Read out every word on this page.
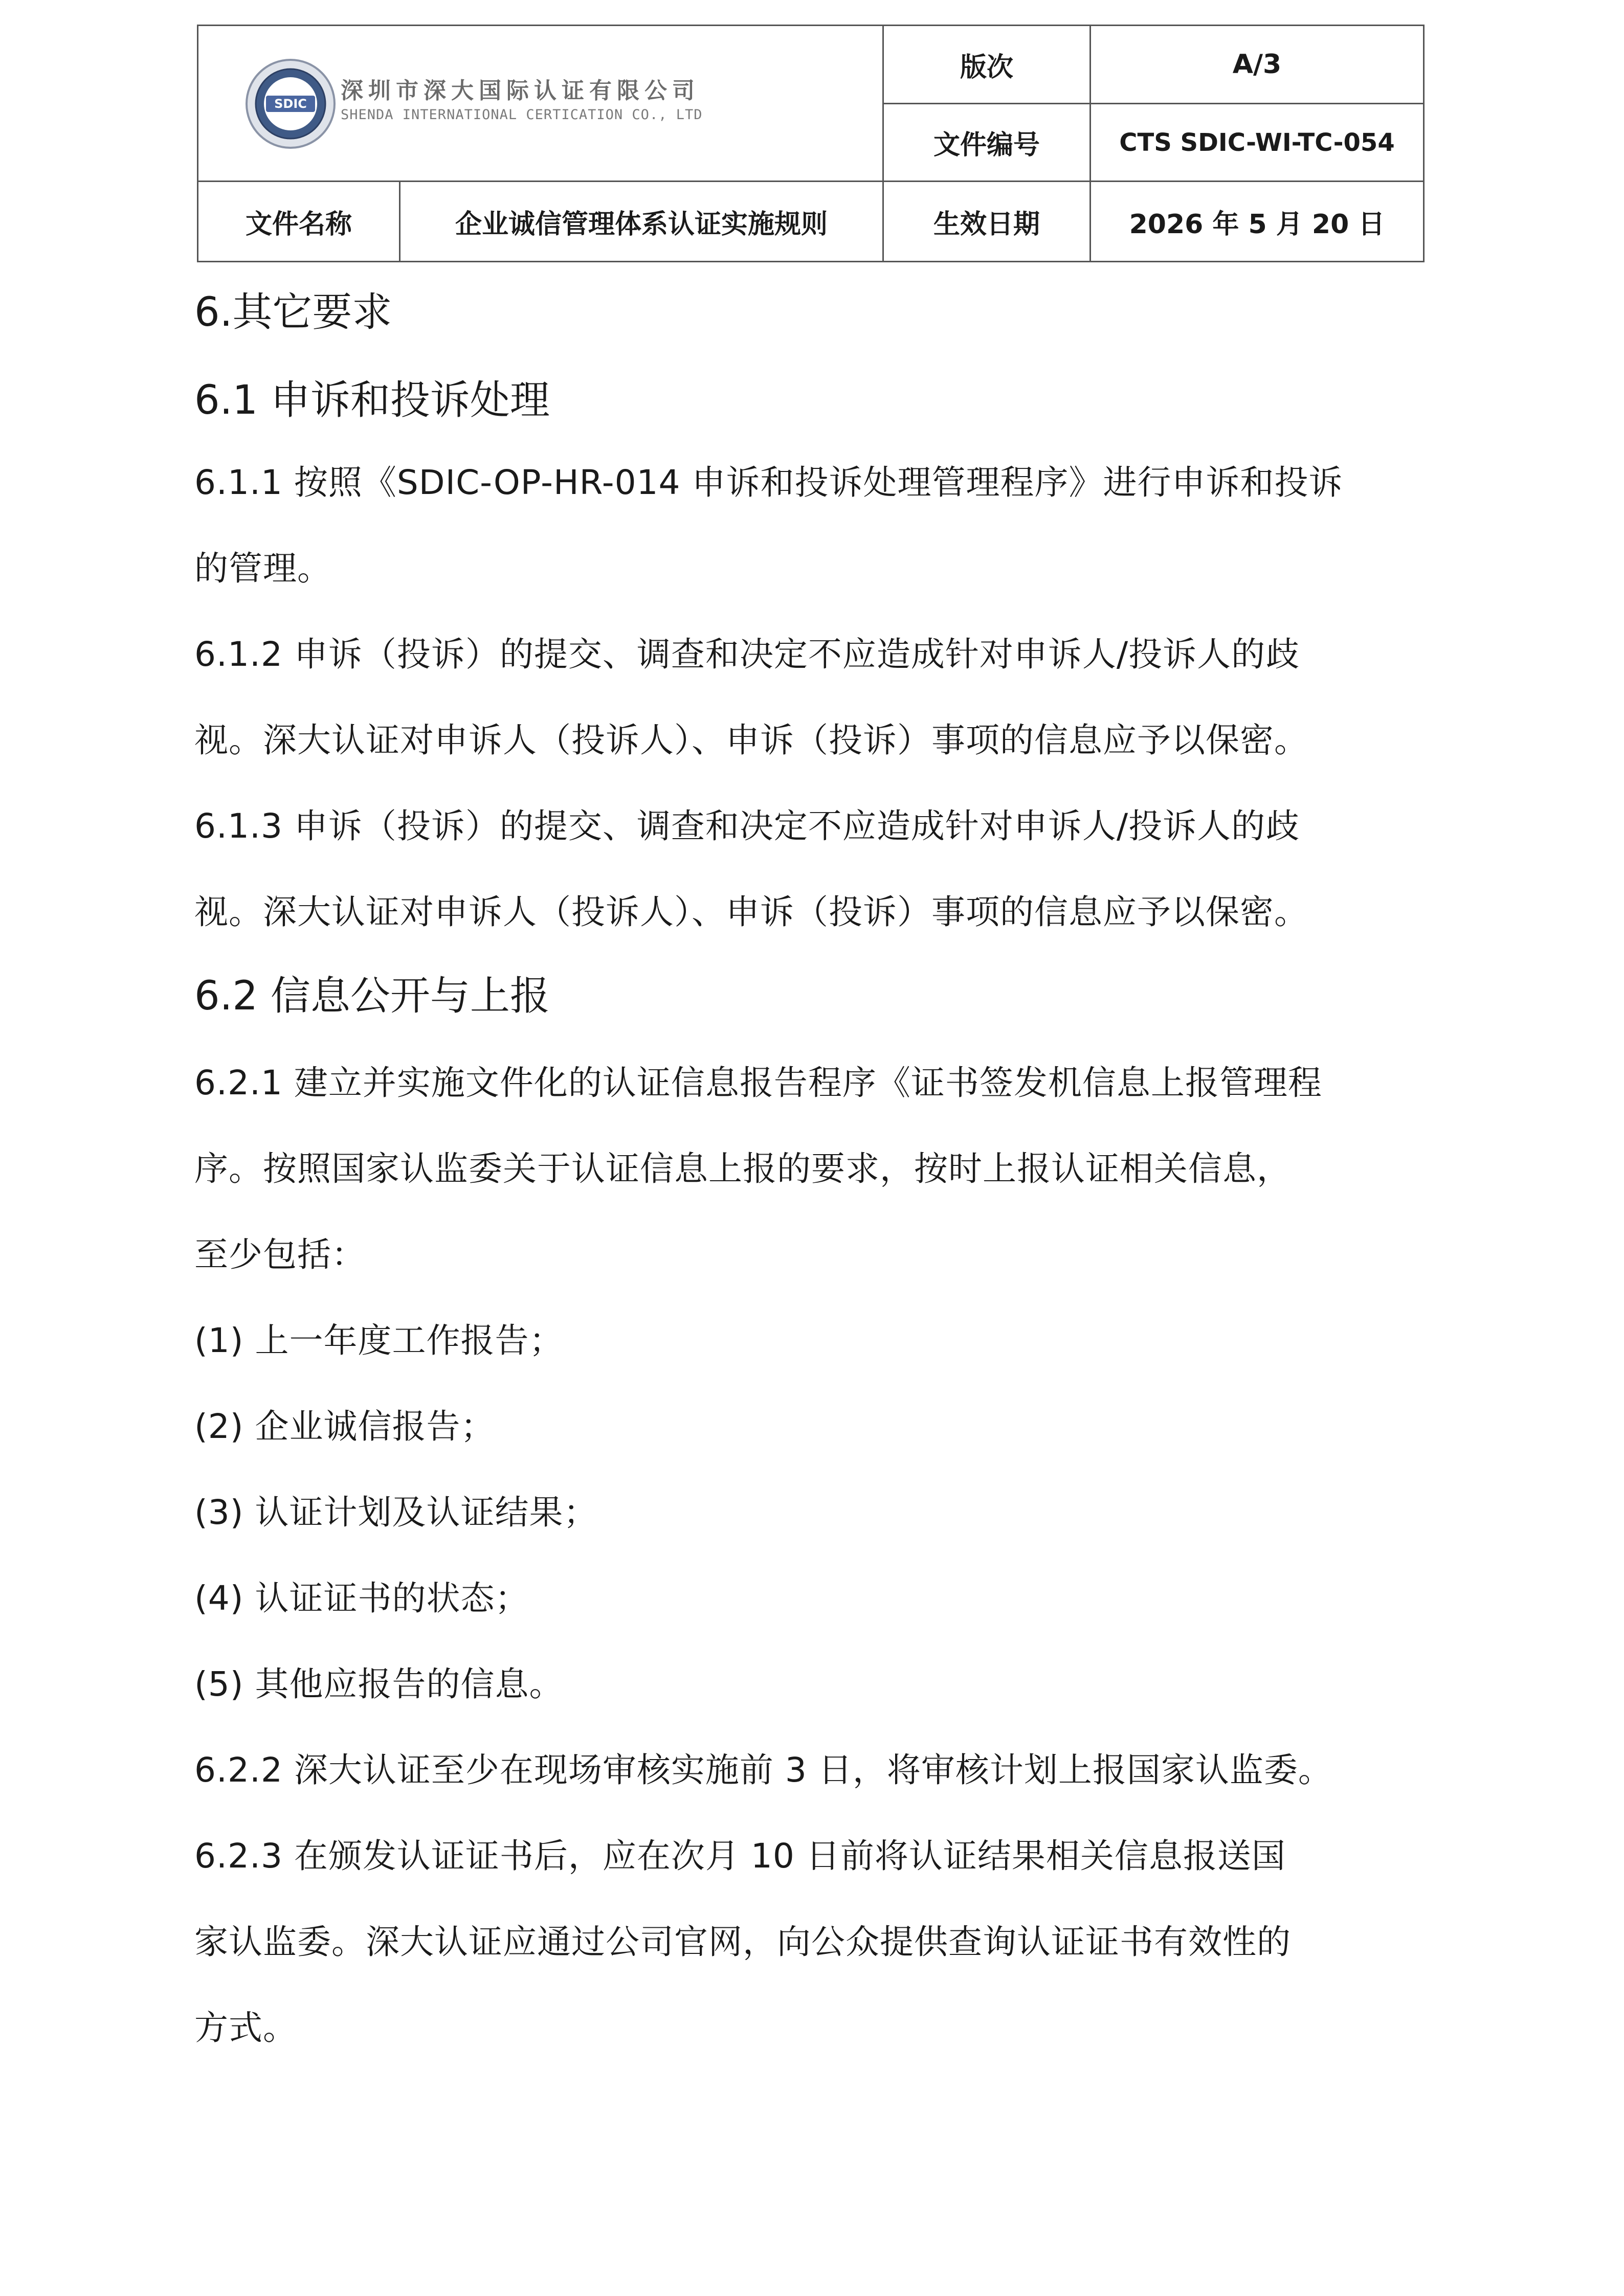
SDIC 深圳市深大国际认证有限公司
SHENDA INTERNATIONAL CERTICATION CO., LTD
版次	A/3
文件编号	CTS SDIC-WI-TC-054
文件名称	企业诚信管理体系认证实施规则	生效日期	2026 年 5 月 20 日
6.其它要求
6.1 申诉和投诉处理
6.1.1 按照《SDIC-OP-HR-014 申诉和投诉处理管理程序》进行申诉和投诉
的管理。
6.1.2 申诉（投诉）的提交、调查和决定不应造成针对申诉人/投诉人的歧
视。深大认证对申诉人（投诉人）、申诉（投诉）事项的信息应予以保密。
6.1.3 申诉（投诉）的提交、调查和决定不应造成针对申诉人/投诉人的歧
视。深大认证对申诉人（投诉人）、申诉（投诉）事项的信息应予以保密。
6.2 信息公开与上报
6.2.1 建立并实施文件化的认证信息报告程序《证书签发机信息上报管理程
序。按照国家认监委关于认证信息上报的要求，按时上报认证相关信息，
至少包括：
(1) 上一年度工作报告；
(2) 企业诚信报告；
(3) 认证计划及认证结果；
(4) 认证证书的状态；
(5) 其他应报告的信息。
6.2.2 深大认证至少在现场审核实施前 3 日，将审核计划上报国家认监委。
6.2.3 在颁发认证证书后，应在次月 10 日前将认证结果相关信息报送国
家认监委。深大认证应通过公司官网，向公众提供查询认证证书有效性的
方式。
